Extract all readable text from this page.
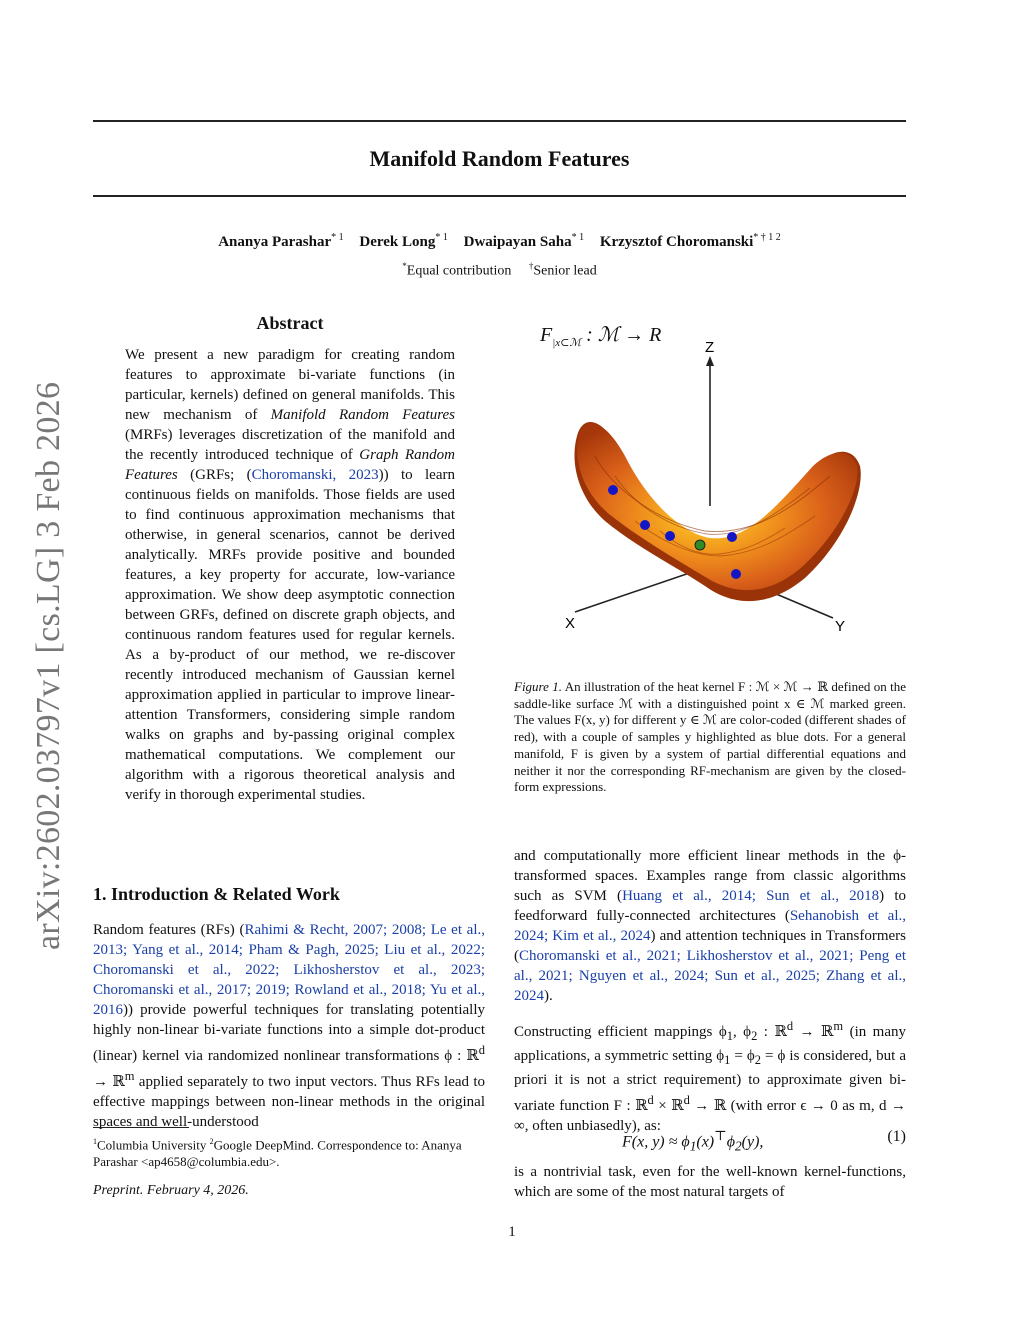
Manifold Random Features
Ananya Parashar$^{* 1}$ Derek Long$^{* 1}$ Dwaipayan Saha$^{* 1}$ Krzysztof Choromanski$^{* \dagger 1 2}$
*Equal contribution †Senior lead
arXiv:2602.03797v1 [cs.LG] 3 Feb 2026
Abstract
We present a new paradigm for creating random features to approximate bi-variate functions (in particular, kernels) defined on general manifolds. This new mechanism of Manifold Random Features (MRFs) leverages discretization of the manifold and the recently introduced technique of Graph Random Features (GRFs; (Choromanski, 2023)) to learn continuous fields on manifolds. Those fields are used to find continuous approximation mechanisms that otherwise, in general scenarios, cannot be derived analytically. MRFs provide positive and bounded features, a key property for accurate, low-variance approximation. We show deep asymptotic connection between GRFs, defined on discrete graph objects, and continuous random features used for regular kernels. As a by-product of our method, we re-discover recently introduced mechanism of Gaussian kernel approximation applied in particular to improve linear-attention Transformers, considering simple random walks on graphs and by-passing original complex mathematical computations. We complement our algorithm with a rigorous theoretical analysis and verify in thorough experimental studies.
1. Introduction & Related Work
Random features (RFs) (Rahimi & Recht, 2007; 2008; Le et al., 2013; Yang et al., 2014; Pham & Pagh, 2025; Liu et al., 2022; Choromanski et al., 2022; Likhosherstov et al., 2023; Choromanski et al., 2017; 2019; Rowland et al., 2018; Yu et al., 2016)) provide powerful techniques for translating potentially highly non-linear bi-variate functions into a simple dot-product (linear) kernel via randomized nonlinear transformations ϕ : ℝ$^d$ → ℝ$^m$ applied separately to two input vectors. Thus RFs lead to effective mappings between non-linear methods in the original spaces and well-understood
$^1$Columbia University $^2$Google DeepMind. Correspondence to: Ananya Parashar <ap4658@columbia.edu>.
Preprint. February 4, 2026.
$F_{|x\subset ℳ}$ : ℳ → R
Z
X	Y
Figure 1. An illustration of the heat kernel F : ℳ × ℳ → ℝ defined on the saddle-like surface ℳ with a distinguished point x ∈ ℳ marked green. The values F(x, y) for different y ∈ ℳ are color-coded (different shades of red), with a couple of samples y highlighted as blue dots. For a general manifold, F is given by a system of partial differential equations and neither it nor the corresponding RF-mechanism are given by the closed-form expressions.
and computationally more efficient linear methods in the ϕ-transformed spaces. Examples range from classic algorithms such as SVM (Huang et al., 2014; Sun et al., 2018) to feedforward fully-connected architectures (Sehanobish et al., 2024; Kim et al., 2024) and attention techniques in Transformers (Choromanski et al., 2021; Likhosherstov et al., 2021; Peng et al., 2021; Nguyen et al., 2024; Sun et al., 2025; Zhang et al., 2024).
Constructing efficient mappings $\phi_1$, $\phi_2$ : ℝ$^d$ → ℝ$^m$ (in many applications, a symmetric setting $\phi_1 = \phi_2 = \phi$ is considered, but a priori it is not a strict requirement) to approximate given bi-variate function F : ℝ$^d$ × ℝ$^d$ → ℝ (with error ϵ → 0 as m, d → ∞, often unbiasedly), as:
F(x, $y) \approx \phi_1(x)^⊤\phi_2(y)$,	(1)
is a nontrivial task, even for the well-known kernel-functions, which are some of the most natural targets of
1
